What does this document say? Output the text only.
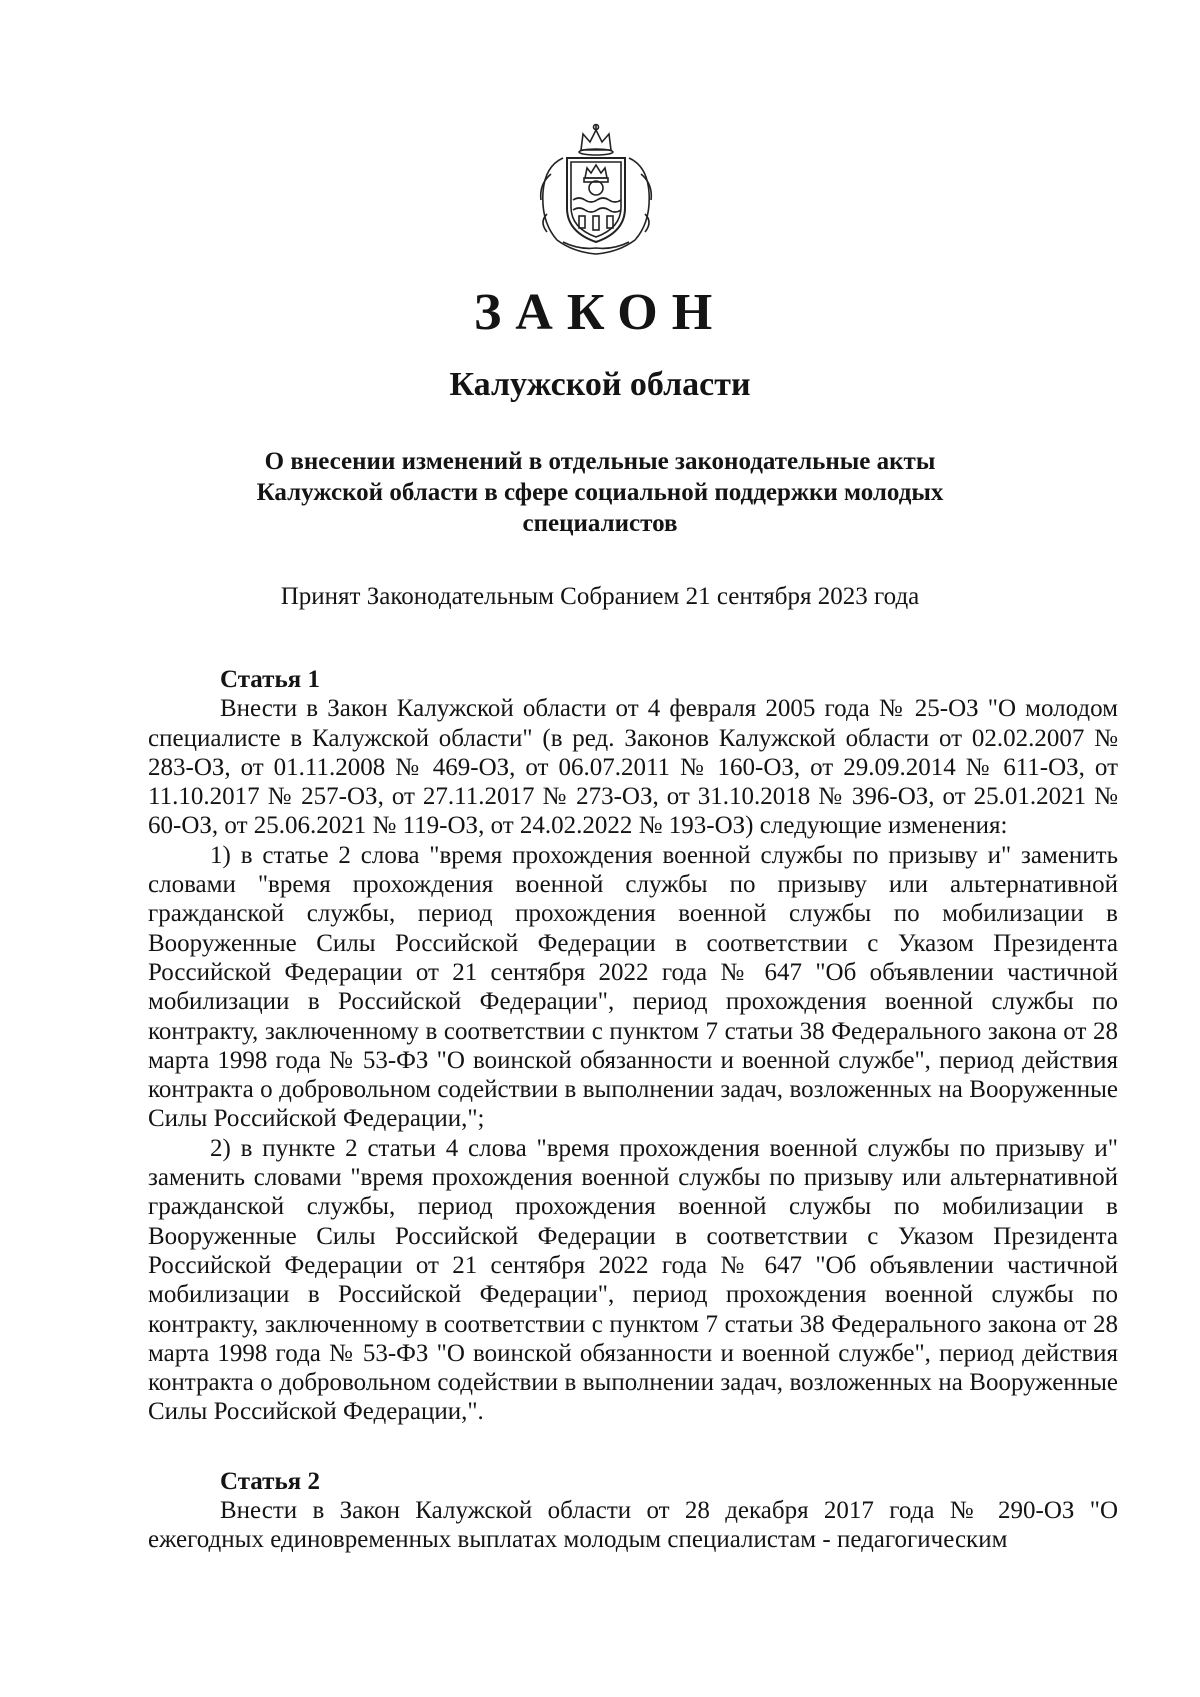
ЗАКОН
Калужской области
О внесении изменений в отдельные законодательные акты Калужской области в сфере социальной поддержки молодых специалистов
Принят Законодательным Собранием 21 сентября 2023 года

Статья 1

Внести в Закон Калужской области от 4 февраля 2005 года № 25-ОЗ "О молодом специалисте в Калужской области" (в ред. Законов Калужской области от 02.02.2007 № 283-ОЗ, от 01.11.2008 № 469-ОЗ, от 06.07.2011 № 160-ОЗ, от 29.09.2014 № 611-ОЗ, от 11.10.2017 № 257-ОЗ, от 27.11.2017 № 273-ОЗ, от 31.10.2018 № 396-ОЗ, от 25.01.2021 № 60-ОЗ, от 25.06.2021 № 119-ОЗ, от 24.02.2022 № 193-ОЗ) следующие изменения:

1) в статье 2 слова "время прохождения военной службы по призыву и" заменить словами "время прохождения военной службы по призыву или альтернативной гражданской службы, период прохождения военной службы по мобилизации в Вооруженные Силы Российской Федерации в соответствии с Указом Президента Российской Федерации от 21 сентября 2022 года № 647 "Об объявлении частичной мобилизации в Российской Федерации", период прохождения военной службы по контракту, заключенному в соответствии с пунктом 7 статьи 38 Федерального закона от 28 марта 1998 года № 53-ФЗ "О воинской обязанности и военной службе", период действия контракта о добровольном содействии в выполнении задач, возложенных на Вооруженные Силы Российской Федерации,";

2) в пункте 2 статьи 4 слова "время прохождения военной службы по призыву и" заменить словами "время прохождения военной службы по призыву или альтернативной гражданской службы, период прохождения военной службы по мобилизации в Вооруженные Силы Российской Федерации в соответствии с Указом Президента Российской Федерации от 21 сентября 2022 года № 647 "Об объявлении частичной мобилизации в Российской Федерации", период прохождения военной службы по контракту, заключенному в соответствии с пунктом 7 статьи 38 Федерального закона от 28 марта 1998 года № 53-ФЗ "О воинской обязанности и военной службе", период действия контракта о добровольном содействии в выполнении задач, возложенных на Вооруженные Силы Российской Федерации,".

Статья 2

Внести в Закон Калужской области от 28 декабря 2017 года № 290-ОЗ "О ежегодных единовременных выплатах молодым специалистам - педагогическим
